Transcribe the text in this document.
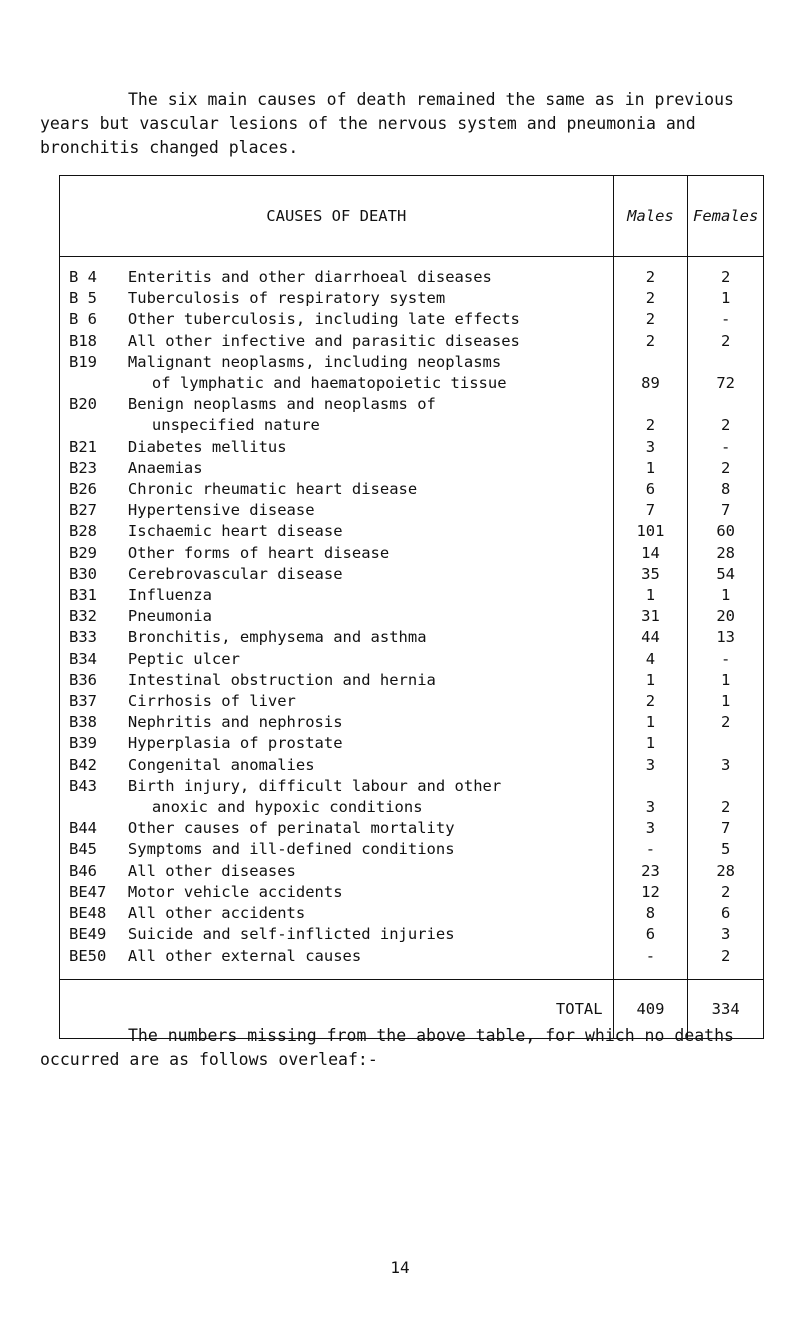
The six main causes of death remained the same as in previous
years but vascular lesions of the nervous system and pneumonia and
bronchitis changed places.

CAUSES OF DEATH		Males	Females
B 4	Enteritis and other diarrhoeal diseases	2	2
B 5	Tuberculosis of respiratory system	2	1
B 6	Other tuberculosis, including late effects	2	-
B18	All other infective and parasitic diseases	2	2
B19	Malignant neoplasms, including neoplasms		
	of lymphatic and haematopoietic tissue	89	72
B20	Benign neoplasms and neoplasms of		
	unspecified nature	2	2
B21	Diabetes mellitus	3	-
B23	Anaemias	1	2
B26	Chronic rheumatic heart disease	6	8
B27	Hypertensive disease	7	7
B28	Ischaemic heart disease	101	60
B29	Other forms of heart disease	14	28
B30	Cerebrovascular disease	35	54
B31	Influenza	1	1
B32	Pneumonia	31	20
B33	Bronchitis, emphysema and asthma	44	13
B34	Peptic ulcer	4	-
B36	Intestinal obstruction and hernia	1	1
B37	Cirrhosis of liver	2	1
B38	Nephritis and nephrosis	1	2
B39	Hyperplasia of prostate	1	
B42	Congenital anomalies	3	3
B43	Birth injury, difficult labour and other		
	anoxic and hypoxic conditions	3	2
B44	Other causes of perinatal mortality	3	7
B45	Symptoms and ill-defined conditions	-	5
B46	All other diseases	23	28
BE47	Motor vehicle accidents	12	2
BE48	All other accidents	8	6
BE49	Suicide and self-inflicted injuries	6	3
BE50	All other external causes	-	2
TOTAL		409	334

The numbers missing from the above table, for which no deaths
occurred are as follows overleaf:-

14
